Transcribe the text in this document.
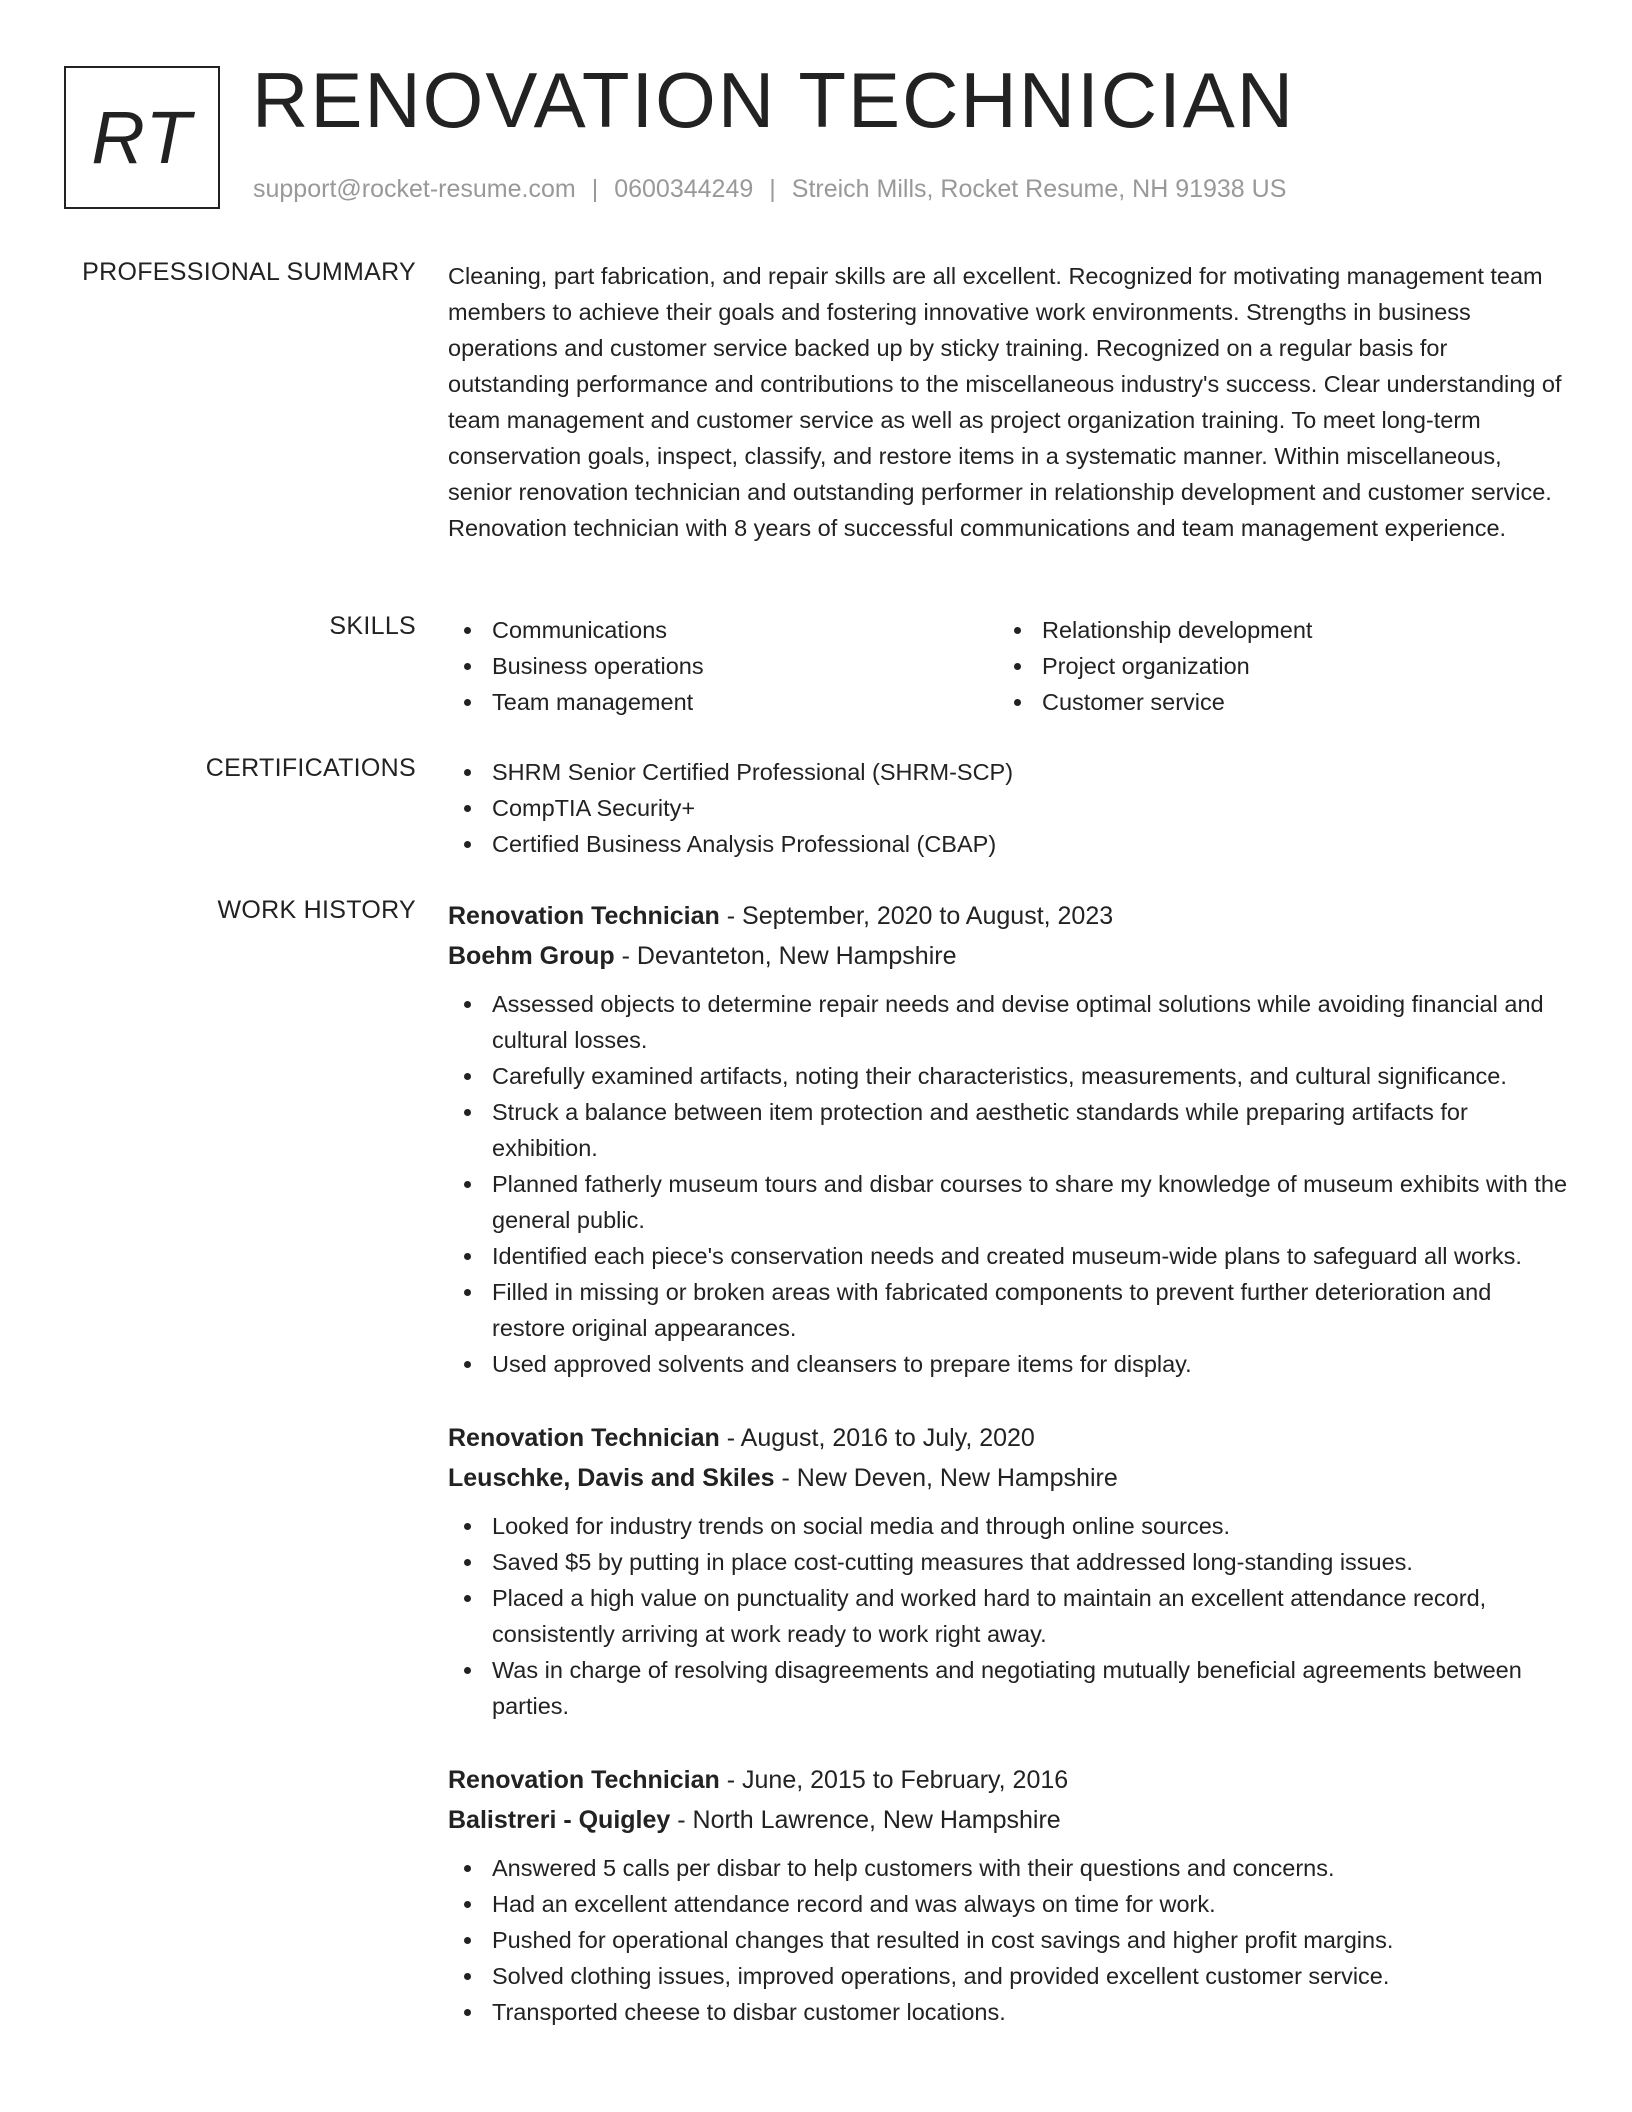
RT RENOVATION TECHNICIAN
support@rocket-resume.com | 0600344249 | Streich Mills, Rocket Resume, NH 91938 US
PROFESSIONAL SUMMARY Cleaning, part fabrication, and repair skills are all excellent. Recognized for motivating management team members to achieve their goals and fostering innovative work environments. Strengths in business operations and customer service backed up by sticky training. Recognized on a regular basis for outstanding performance and contributions to the miscellaneous industry's success. Clear understanding of team management and customer service as well as project organization training. To meet long-term conservation goals, inspect, classify, and restore items in a systematic manner. Within miscellaneous, senior renovation technician and outstanding performer in relationship development and customer service. Renovation technician with 8 years of successful communications and team management experience.

SKILLS	Communications
Business operations
Team management
Relationship development
Project organization
Customer service
CERTIFICATIONS	SHRM Senior Certified Professional (SHRM-SCP)
CompTIA Security+
Certified Business Analysis Professional (CBAP)
WORK HISTORY Renovation Technician - September, 2020 to August, 2023
Boehm Group - Devanteton, New Hampshire
Assessed objects to determine repair needs and devise optimal solutions while avoiding financial and cultural losses.
Carefully examined artifacts, noting their characteristics, measurements, and cultural significance.
Struck a balance between item protection and aesthetic standards while preparing artifacts for exhibition.
Planned fatherly museum tours and disbar courses to share my knowledge of museum exhibits with the general public.
Identified each piece's conservation needs and created museum-wide plans to safeguard all works.
Filled in missing or broken areas with fabricated components to prevent further deterioration and restore original appearances.
Used approved solvents and cleansers to prepare items for display.
Renovation Technician - August, 2016 to July, 2020
Leuschke, Davis and Skiles - New Deven, New Hampshire
Looked for industry trends on social media and through online sources.
Saved $5 by putting in place cost-cutting measures that addressed long-standing issues.
Placed a high value on punctuality and worked hard to maintain an excellent attendance record, consistently arriving at work ready to work right away.
Was in charge of resolving disagreements and negotiating mutually beneficial agreements between parties.
Renovation Technician - June, 2015 to February, 2016
Balistreri - Quigley - North Lawrence, New Hampshire
Answered 5 calls per disbar to help customers with their questions and concerns.
Had an excellent attendance record and was always on time for work.
Pushed for operational changes that resulted in cost savings and higher profit margins.
Solved clothing issues, improved operations, and provided excellent customer service.
Transported cheese to disbar customer locations.
